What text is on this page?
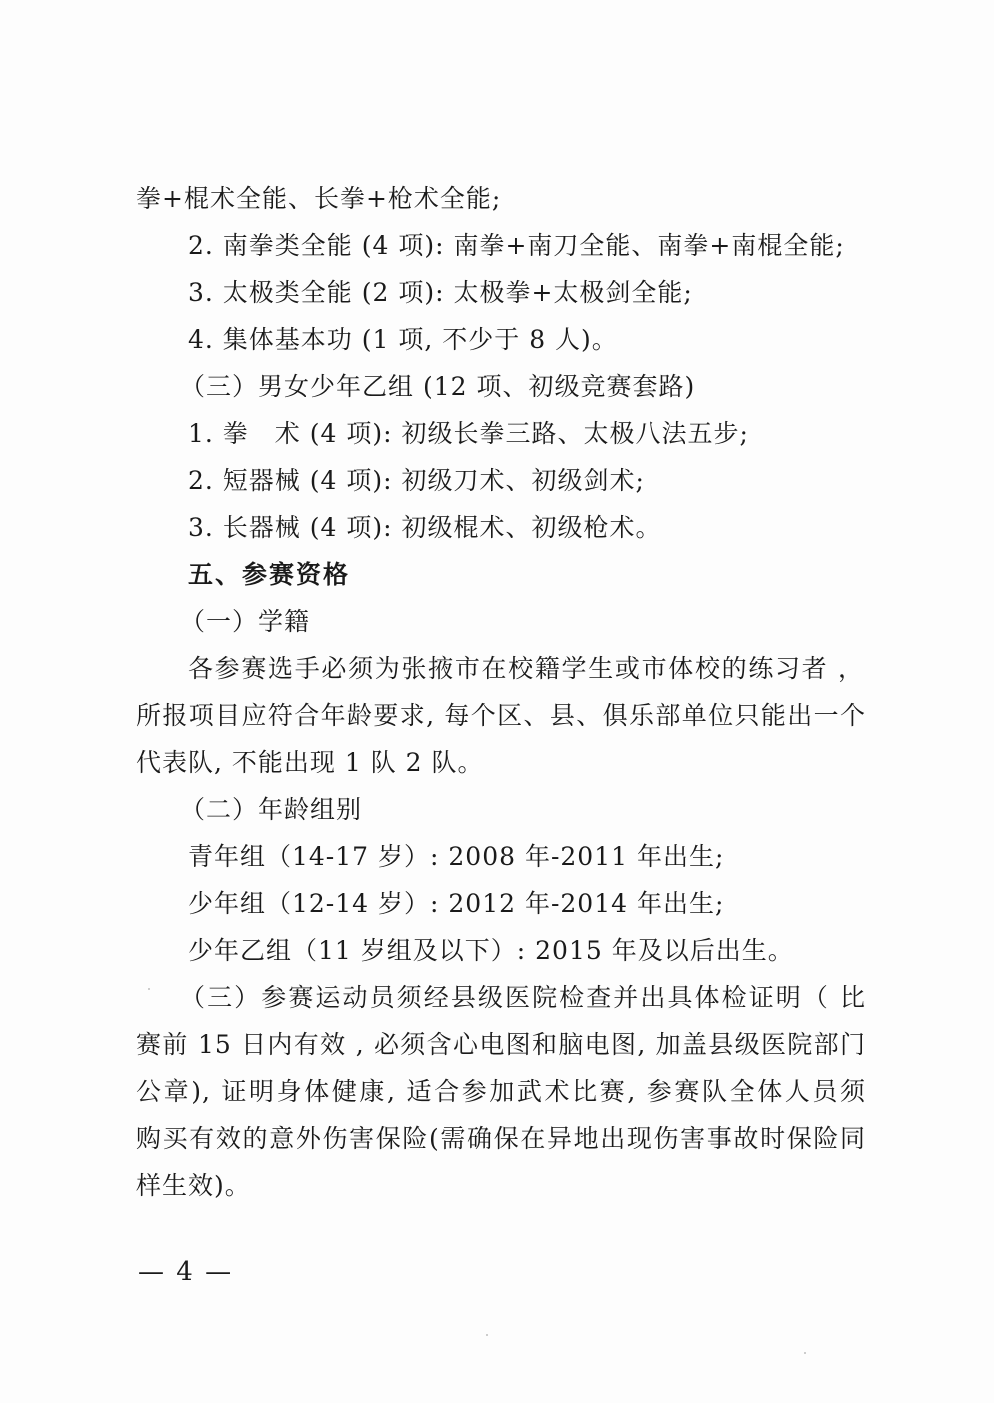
拳+棍术全能、长拳+枪术全能;
2. 南拳类全能 (4 项): 南拳+南刀全能、南拳+南棍全能;
3. 太极类全能 (2 项): 太极拳+太极剑全能;
4. 集体基本功 (1 项, 不少于 8 人)。
（三）男女少年乙组 (12 项、初级竞赛套路)
1. 拳　术 (4 项): 初级长拳三路、太极八法五步;
2. 短器械 (4 项): 初级刀术、初级剑术;
3. 长器械 (4 项): 初级棍术、初级枪术。
五、参赛资格
（一）学籍
各参赛选手必须为张掖市在校籍学生或市体校的练习者 ，
所报项目应符合年龄要求, 每个区、县、俱乐部单位只能出一个
代表队, 不能出现 1 队 2 队。
（二）年龄组别
青年组（14-17 岁）: 2008 年-2011 年出生;
少年组（12-14 岁）: 2012 年-2014 年出生;
少年乙组（11 岁组及以下）: 2015 年及以后出生。
（三）参赛运动员须经县级医院检查并出具体检证明（ 比
赛前 15 日内有效 , 必须含心电图和脑电图, 加盖县级医院部门
公章), 证明身体健康, 适合参加武术比赛, 参赛队全体人员须
购买有效的意外伤害保险(需确保在异地出现伤害事故时保险同
样生效)。
— 4 —
